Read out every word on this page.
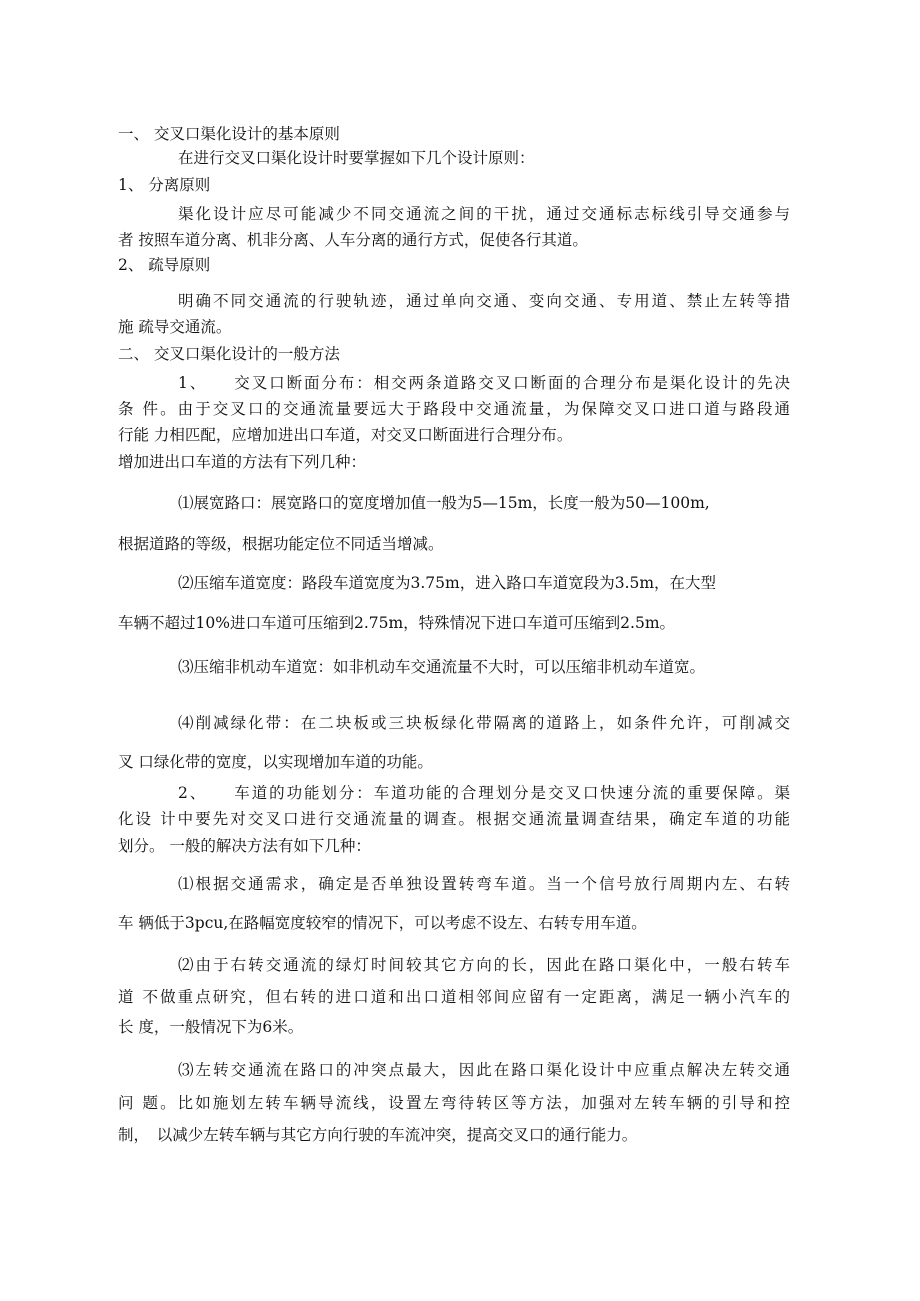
一、 交叉口渠化设计的基本原则

在进行交叉口渠化设计时要掌握如下几个设计原则：

1、 分离原则

渠化设计应尽可能减少不同交通流之间的干扰，通过交通标志标线引导交通参与

者 按照车道分离、机非分离、人车分离的通行方式，促使各行其道。

2、 疏导原则

明确不同交通流的行驶轨迹，通过单向交通、变向交通、专用道、禁止左转等措

施 疏导交通流。

二、 交叉口渠化设计的一般方法

1、　　交叉口断面分布：相交两条道路交叉口断面的合理分布是渠化设计的先决

条 件。由于交叉口的交通流量要远大于路段中交通流量，为保障交叉口进口道与路段通

行能 力相匹配，应增加进出口车道，对交叉口断面进行合理分布。

增加进出口车道的方法有下列几种：

⑴展宽路口：展宽路口的宽度增加值一般为5—15m，长度一般为50—100m,

根据道路的等级，根据功能定位不同适当增减。

⑵压缩车道宽度：路段车道宽度为3.75m，进入路口车道宽段为3.5m，在大型

车辆不超过10%进口车道可压缩到2.75m，特殊情况下进口车道可压缩到2.5m。

⑶压缩非机动车道宽：如非机动车交通流量不大时，可以压缩非机动车道宽。

⑷削减绿化带：在二块板或三块板绿化带隔离的道路上，如条件允许，可削减交

叉 口绿化带的宽度，以实现增加车道的功能。

2、　　车道的功能划分：车道功能的合理划分是交叉口快速分流的重要保障。渠

化设 计中要先对交叉口进行交通流量的调查。根据交通流量调查结果，确定车道的功能

划分。 一般的解决方法有如下几种：

⑴根据交通需求，确定是否单独设置转弯车道。当一个信号放行周期内左、右转

车 辆低于3pcu,在路幅宽度较窄的情况下，可以考虑不设左、右转专用车道。

⑵由于右转交通流的绿灯时间较其它方向的长，因此在路口渠化中，一般右转车

道 不做重点研究，但右转的进口道和出口道相邻间应留有一定距离，满足一辆小汽车的

长 度，一般情况下为6米。

⑶左转交通流在路口的冲突点最大，因此在路口渠化设计中应重点解决左转交通

问 题。比如施划左转车辆导流线，设置左弯待转区等方法，加强对左转车辆的引导和控

制，　以减少左转车辆与其它方向行驶的车流冲突，提高交叉口的通行能力。
